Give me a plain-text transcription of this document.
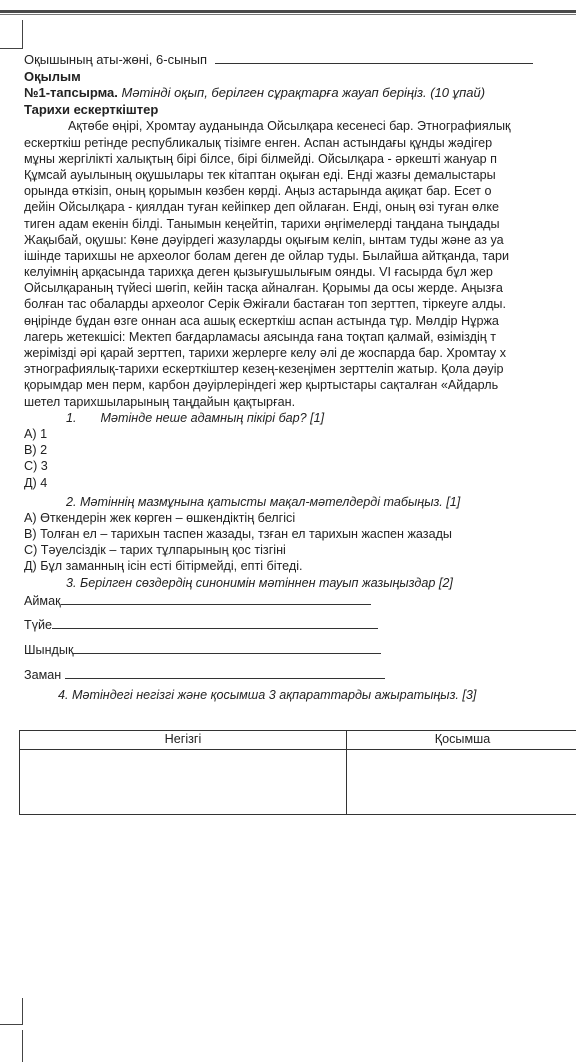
Оқышының аты-жөні, 6-сынып
Оқылым
№1-тапсырма. Мәтінді оқып, берілген сұрақтарға жауап беріңіз. (10 ұпай)
Тарихи ескерткіштер
Ақтөбе өңірі, Хромтау ауданында Ойсылқара кесенесі бар. Этнографиялық
ескерткіш ретінде республикалық тізімге енген. Аспан астындағы құнды жәдігер
мұны жергілікті халықтың бірі білсе, бірі білмейді. Ойсылқара - әркешті жануар п
Құмсай ауылының оқушылары тек кітаптан оқыған еді. Енді жазғы демалыстары
орында өткізіп, оның қорымын көзбен көрді. Аңыз астарында ақиқат бар. Есет о
дейін Ойсылқара - қиялдан туған кейіпкер деп ойлаған. Енді, оның өзі туған өлке
тиген адам екенін білді. Танымын кеңейтіп, тарихи әңгімелерді таңдана тыңдады
Жақыбай, оқушы: Көне дәуірдегі жазуларды оқығым келіп, ынтам туды және аз уа
ішінде тарихшы не археолог болам деген де ойлар туды. Былайша айтқанда, тари
келуімнің арқасында тарихқа деген қызығушылығым оянды. VI ғасырда бұл жер
Ойсылқараның түйесі шөгіп, кейін тасқа айналған. Қорымы да осы жерде. Аңызға
болған тас обаларды археолог Серік Әжіғали бастаған топ зерттеп, тіркеуге алды.
өңірінде бұдан өзге оннан аса ашық ескерткіш аспан астында тұр. Мөлдір Нұржа
лагерь жетекшісі: Мектеп бағдарламасы аясында ғана тоқтап қалмай, өзіміздің т
жерімізді әрі қарай зерттеп, тарихи жерлерге келу әлі де жоспарда бар. Хромтау х
этнографиялық-тарихи ескерткіштер кезең-кезеңімен зерттеліп жатыр. Қола дәуір
қорымдар мен перм, карбон дәуірлеріндегі жер қыртыстары сақталған «Айдарль
шетел тарихшыларының таңдайын қақтырған.
1. Мәтінде неше адамның пікірі бар? [1]
А) 1
В) 2
С) 3
Д) 4
2. Мәтіннің мазмұнына қатысты мақал-мәтелдерді табыңыз. [1]
А) Өткендерін жек көрген – өшкендіктің белгісі
В) Толған ел – тарихын таспен жазады, тзған ел тарихын жаспен жазады
С) Тәуелсіздік – тарих тұлпарының қос тізгіні
Д) Бұл заманның ісін есті бітірмейді, епті бітеді.
3. Берілген сөздердің синонимін мәтіннен тауып жазыңыздар [2]
Аймақ
Түйе
Шындық
Заман
4. Мәтіндегі негізгі және қосымша 3 ақпараттарды ажыратыңыз. [3]
Негізгі	Қосымша
